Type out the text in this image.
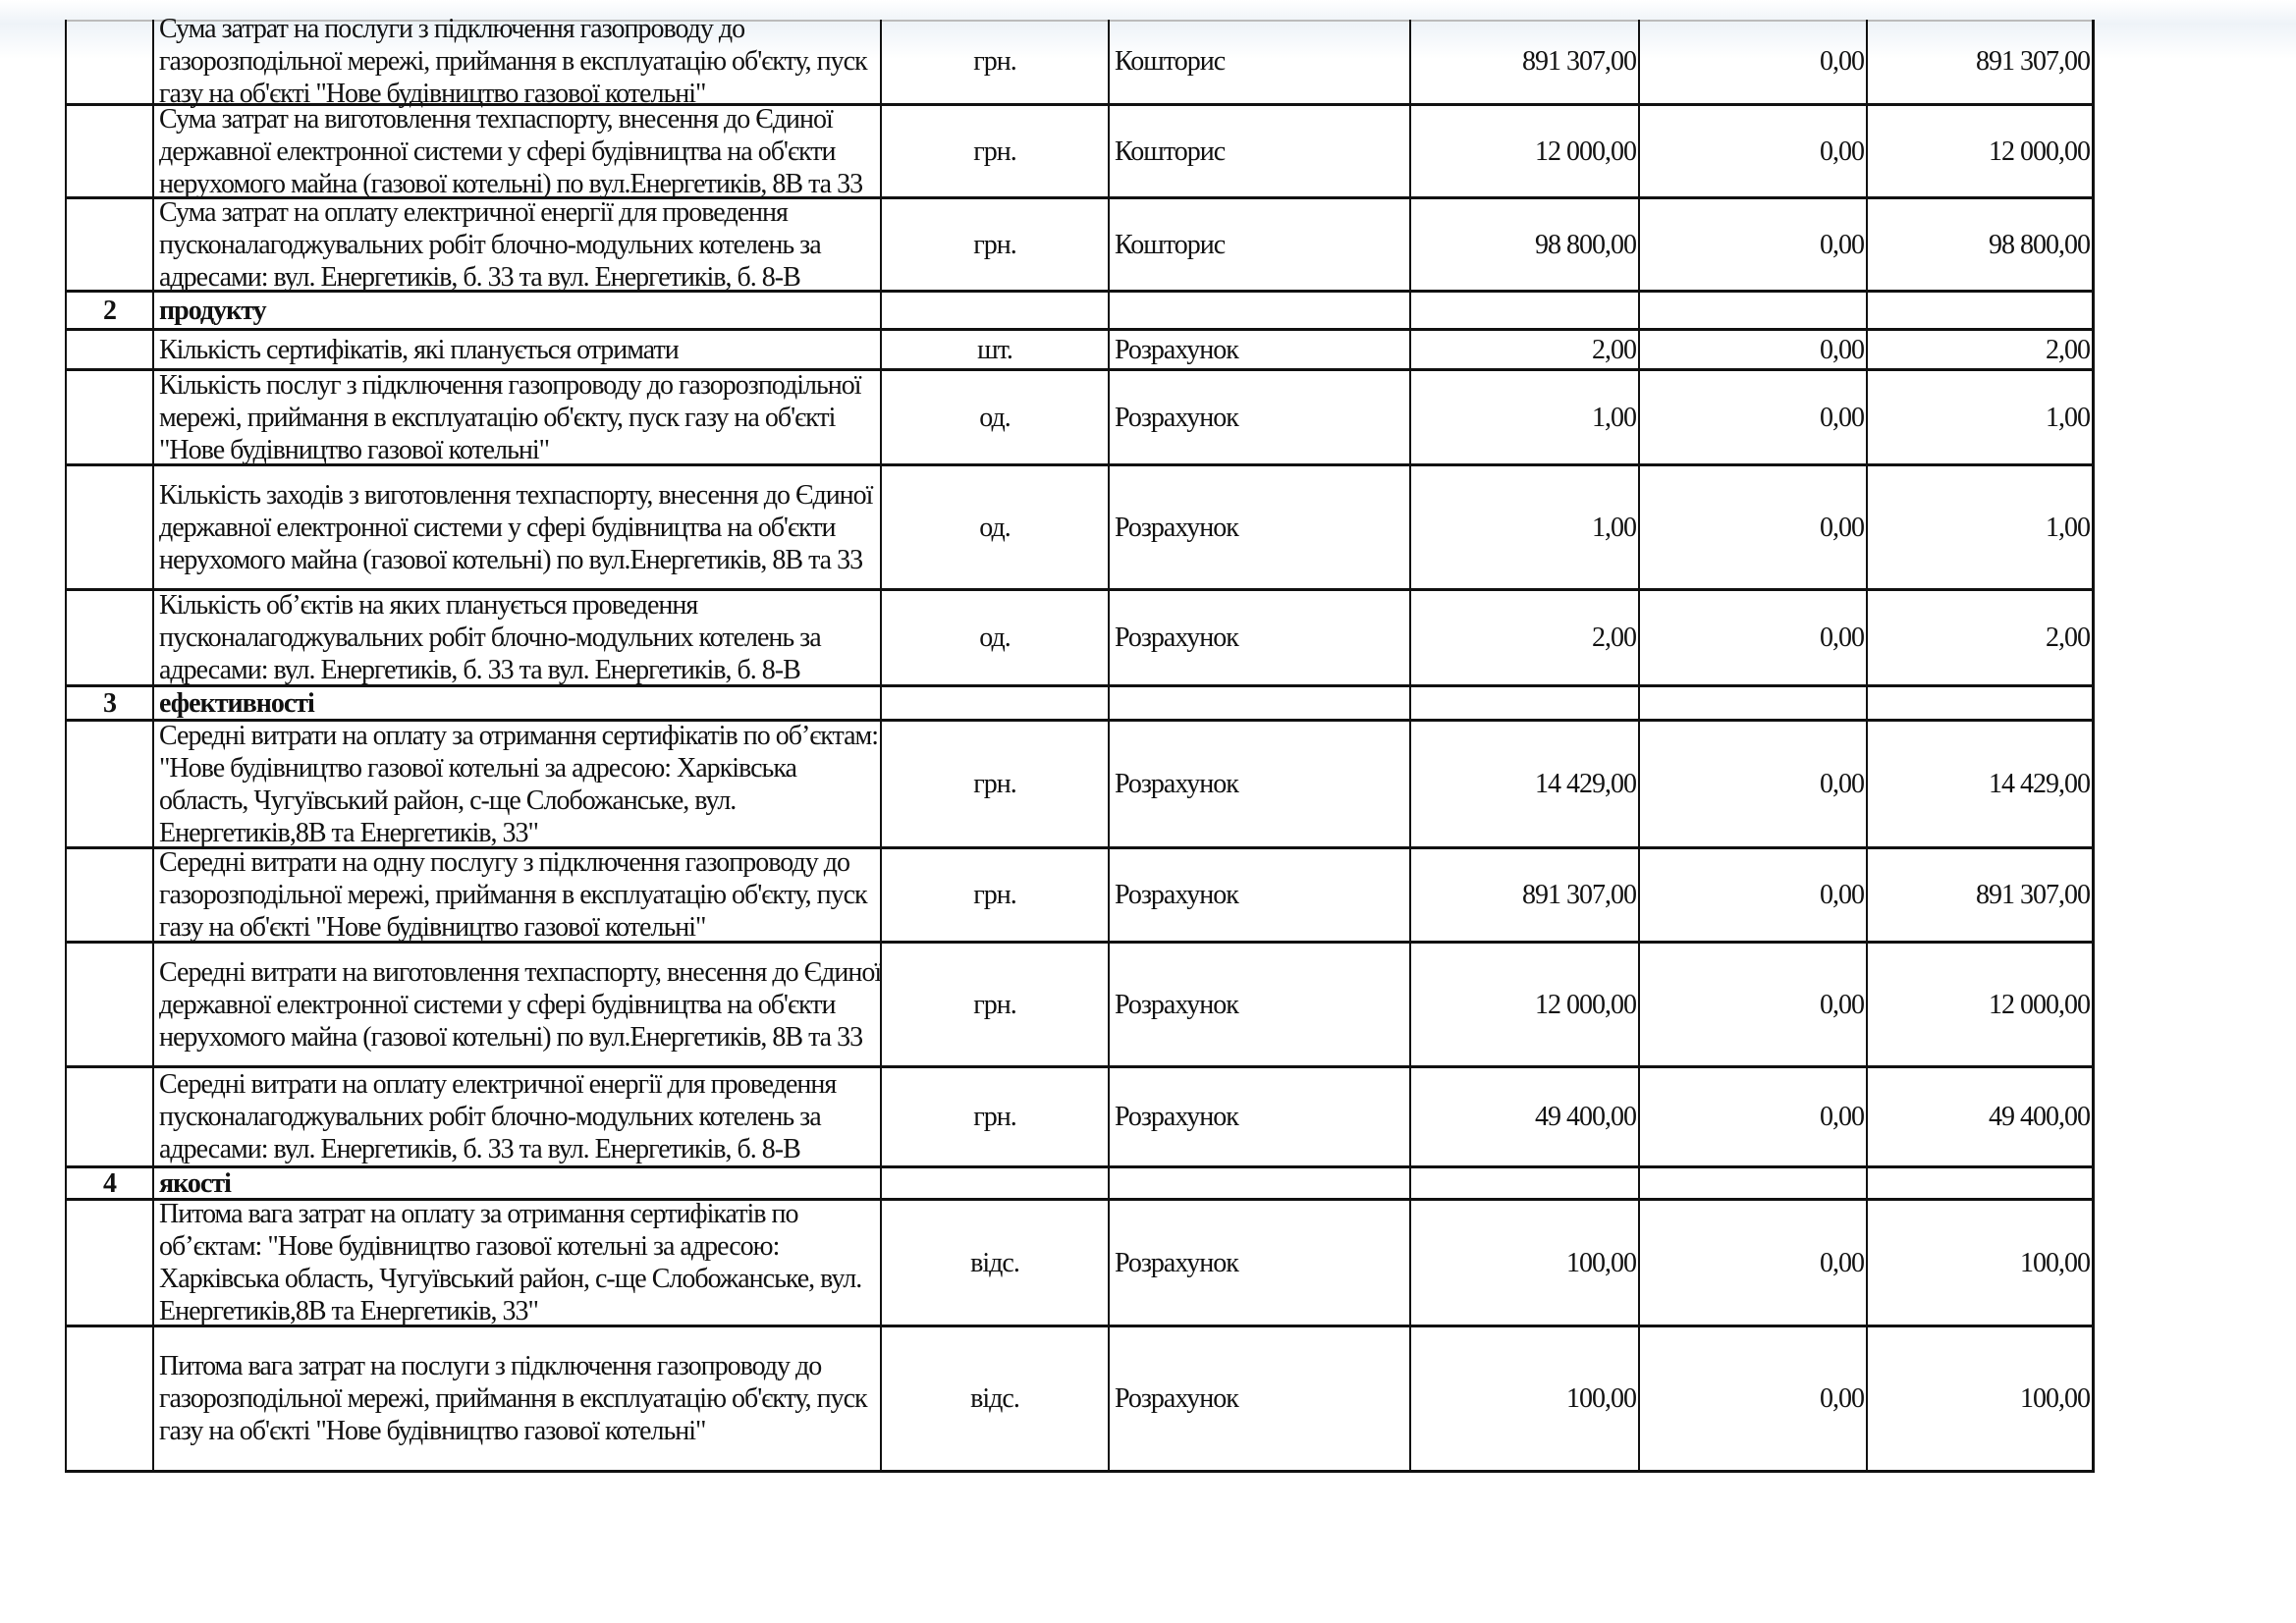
Сума затрат на послуги з підключення газопроводу до
газорозподільної мережі, приймання в експлуатацію об'єкту, пуск
газу на об'єкті "Нове будівництво газової котельні"
грн.	Кошторис	891 307,00	0,00	891 307,00
Сума затрат на виготовлення техпаспорту, внесення до Єдиної
державної електронної системи у сфері будівництва на об'єкти
нерухомого майна (газової котельні) по вул.Енергетиків, 8В та 33
грн.	Кошторис	12 000,00	0,00	12 000,00
Сума затрат на оплату електричної енергії для проведення
пусконалагоджувальних робіт блочно-модульних котелень за
адресами: вул. Енергетиків, б. 33 та вул. Енергетиків, б. 8-В
грн.	Кошторис	98 800,00	0,00	98 800,00
2 продукту
Кількість сертифікатів, які планується отримати	шт.	Розрахунок	2,00	0,00	2,00
Кількість послуг з підключення газопроводу до газорозподільної
мережі, приймання в експлуатацію об'єкту, пуск газу на об'єкті
"Нове будівництво газової котельні"
од.	Розрахунок	1,00	0,00	1,00
Кількість заходів з виготовлення техпаспорту, внесення до Єдиної
державної електронної системи у сфері будівництва на об'єкти
нерухомого майна (газової котельні) по вул.Енергетиків, 8В та 33
од.	Розрахунок	1,00	0,00	1,00
Кількість об’єктів на яких планується проведення
пусконалагоджувальних робіт блочно-модульних котелень за
адресами: вул. Енергетиків, б. 33 та вул. Енергетиків, б. 8-В
од.	Розрахунок	2,00	0,00	2,00
3 ефективності
Середні витрати на оплату за отримання сертифікатів по об’єктам:
"Нове будівництво газової котельні за адресою: Харківська
область, Чугуївський район, с-ще Слобожанське, вул.
Енергетиків,8В та Енергетиків, 33"
грн.	Розрахунок	14 429,00	0,00	14 429,00
Середні витрати на одну послугу з підключення газопроводу до
газорозподільної мережі, приймання в експлуатацію об'єкту, пуск
газу на об'єкті "Нове будівництво газової котельні"
грн.	Розрахунок	891 307,00	0,00	891 307,00
Середні витрати на виготовлення техпаспорту, внесення до Єдиної
державної електронної системи у сфері будівництва на об'єкти
нерухомого майна (газової котельні) по вул.Енергетиків, 8В та 33
грн.	Розрахунок	12 000,00	0,00	12 000,00
Середні витрати на оплату електричної енергії для проведення
пусконалагоджувальних робіт блочно-модульних котелень за
адресами: вул. Енергетиків, б. 33 та вул. Енергетиків, б. 8-В
грн.	Розрахунок	49 400,00	0,00	49 400,00
4 якості
Питома вага затрат на оплату за отримання сертифікатів по
об’єктам: "Нове будівництво газової котельні за адресою:
Харківська область, Чугуївський район, с-ще Слобожанське, вул.
Енергетиків,8В та Енергетиків, 33"
відс.	Розрахунок	100,00	0,00	100,00
Питома вага затрат на послуги з підключення газопроводу до
газорозподільної мережі, приймання в експлуатацію об'єкту, пуск
газу на об'єкті "Нове будівництво газової котельні"
відс.	Розрахунок	100,00	0,00	100,00
